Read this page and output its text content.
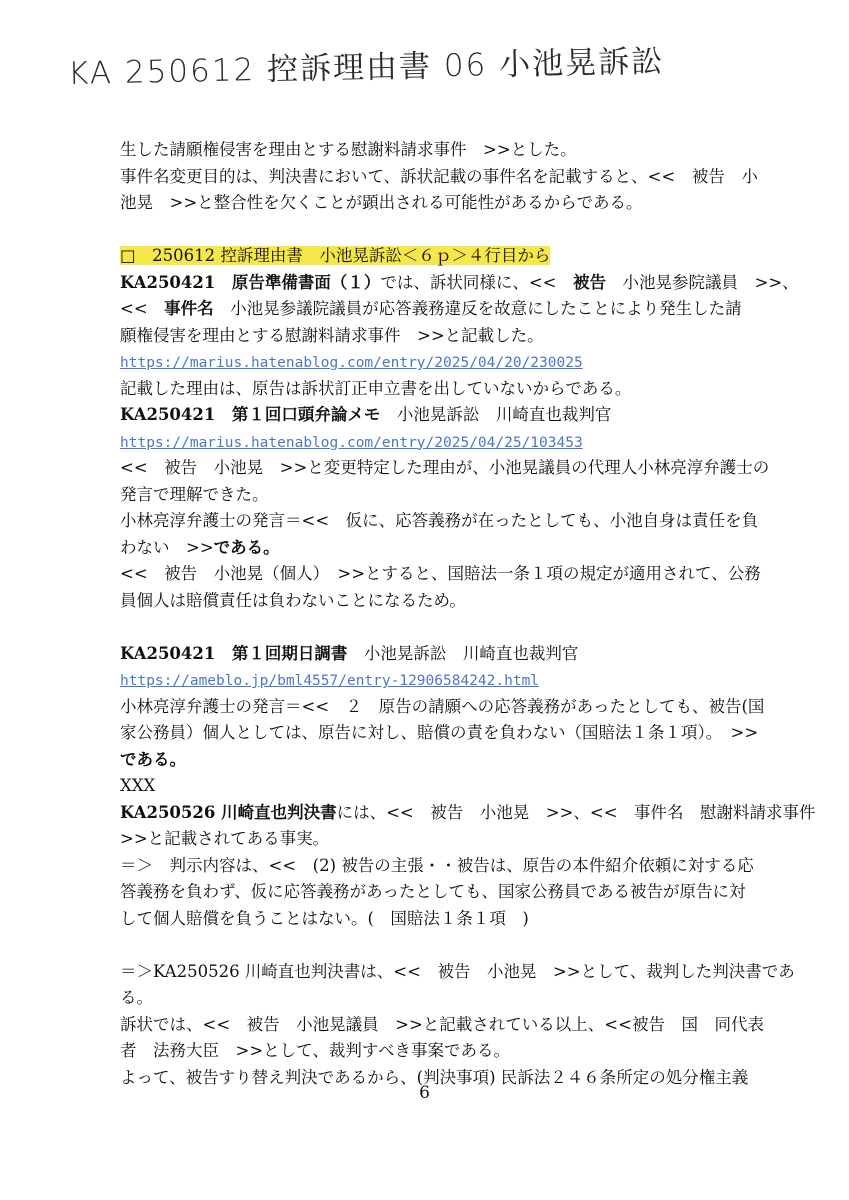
KA 250612 控訴理由書 06 小池晃訴訟
生した請願権侵害を理由とする慰謝料請求事件　>>とした。
事件名変更目的は、判決書において、訴状記載の事件名を記載すると、<<　被告　小
池晃　>>と整合性を欠くことが顕出される可能性があるからである。
□　250612 控訴理由書　小池晃訴訟＜６ｐ＞４行目から
KA250421　原告準備書面（１）では、訴状同様に、<<　被告　小池晃参院議員　>>、
<<　事件名　小池晃参議院議員が応答義務違反を故意にしたことにより発生した請
願権侵害を理由とする慰謝料請求事件　>>と記載した。
https://marius.hatenablog.com/entry/2025/04/20/230025
記載した理由は、原告は訴状訂正申立書を出していないからである。
KA250421　第１回口頭弁論メモ　小池晃訴訟　川崎直也裁判官
https://marius.hatenablog.com/entry/2025/04/25/103453
<<　被告　小池晃　>>と変更特定した理由が、小池晃議員の代理人小林亮淳弁護士の
発言で理解できた。
小林亮淳弁護士の発言＝<<　仮に、応答義務が在ったとしても、小池自身は責任を負
わない　>>である。
<<　被告　小池晃（個人）　>>とすると、国賠法一条１項の規定が適用されて、公務
員個人は賠償責任は負わないことになるため。
KA250421　第１回期日調書　小池晃訴訟　川崎直也裁判官
https://ameblo.jp/bml4557/entry-12906584242.html
小林亮淳弁護士の発言＝<<　２　原告の請願への応答義務があったとしても、被告(国
家公務員）個人としては、原告に対し、賠償の責を負わない（国賠法１条１項）。　>>
である。
XXX
KA250526 川崎直也判決書には、<<　被告　小池晃　>>、<<　事件名　慰謝料請求事件
>>と記載されてある事実。
＝＞　判示内容は、<<　(2) 被告の主張・・被告は、原告の本件紹介依頼に対する応
答義務を負わず、仮に応答義務があったとしても、国家公務員である被告が原告に対
して個人賠償を負うことはない。(　国賠法１条１項　)
＝＞KA250526 川崎直也判決書は、<<　被告　小池晃　>>として、裁判した判決書であ
る。
訴状では、<<　被告　小池晃議員　>>と記載されている以上、<<被告　国　同代表
者　法務大臣　>>として、裁判すべき事案である。
よって、被告すり替え判決であるから、(判決事項) 民訴法２４６条所定の処分権主義
6
